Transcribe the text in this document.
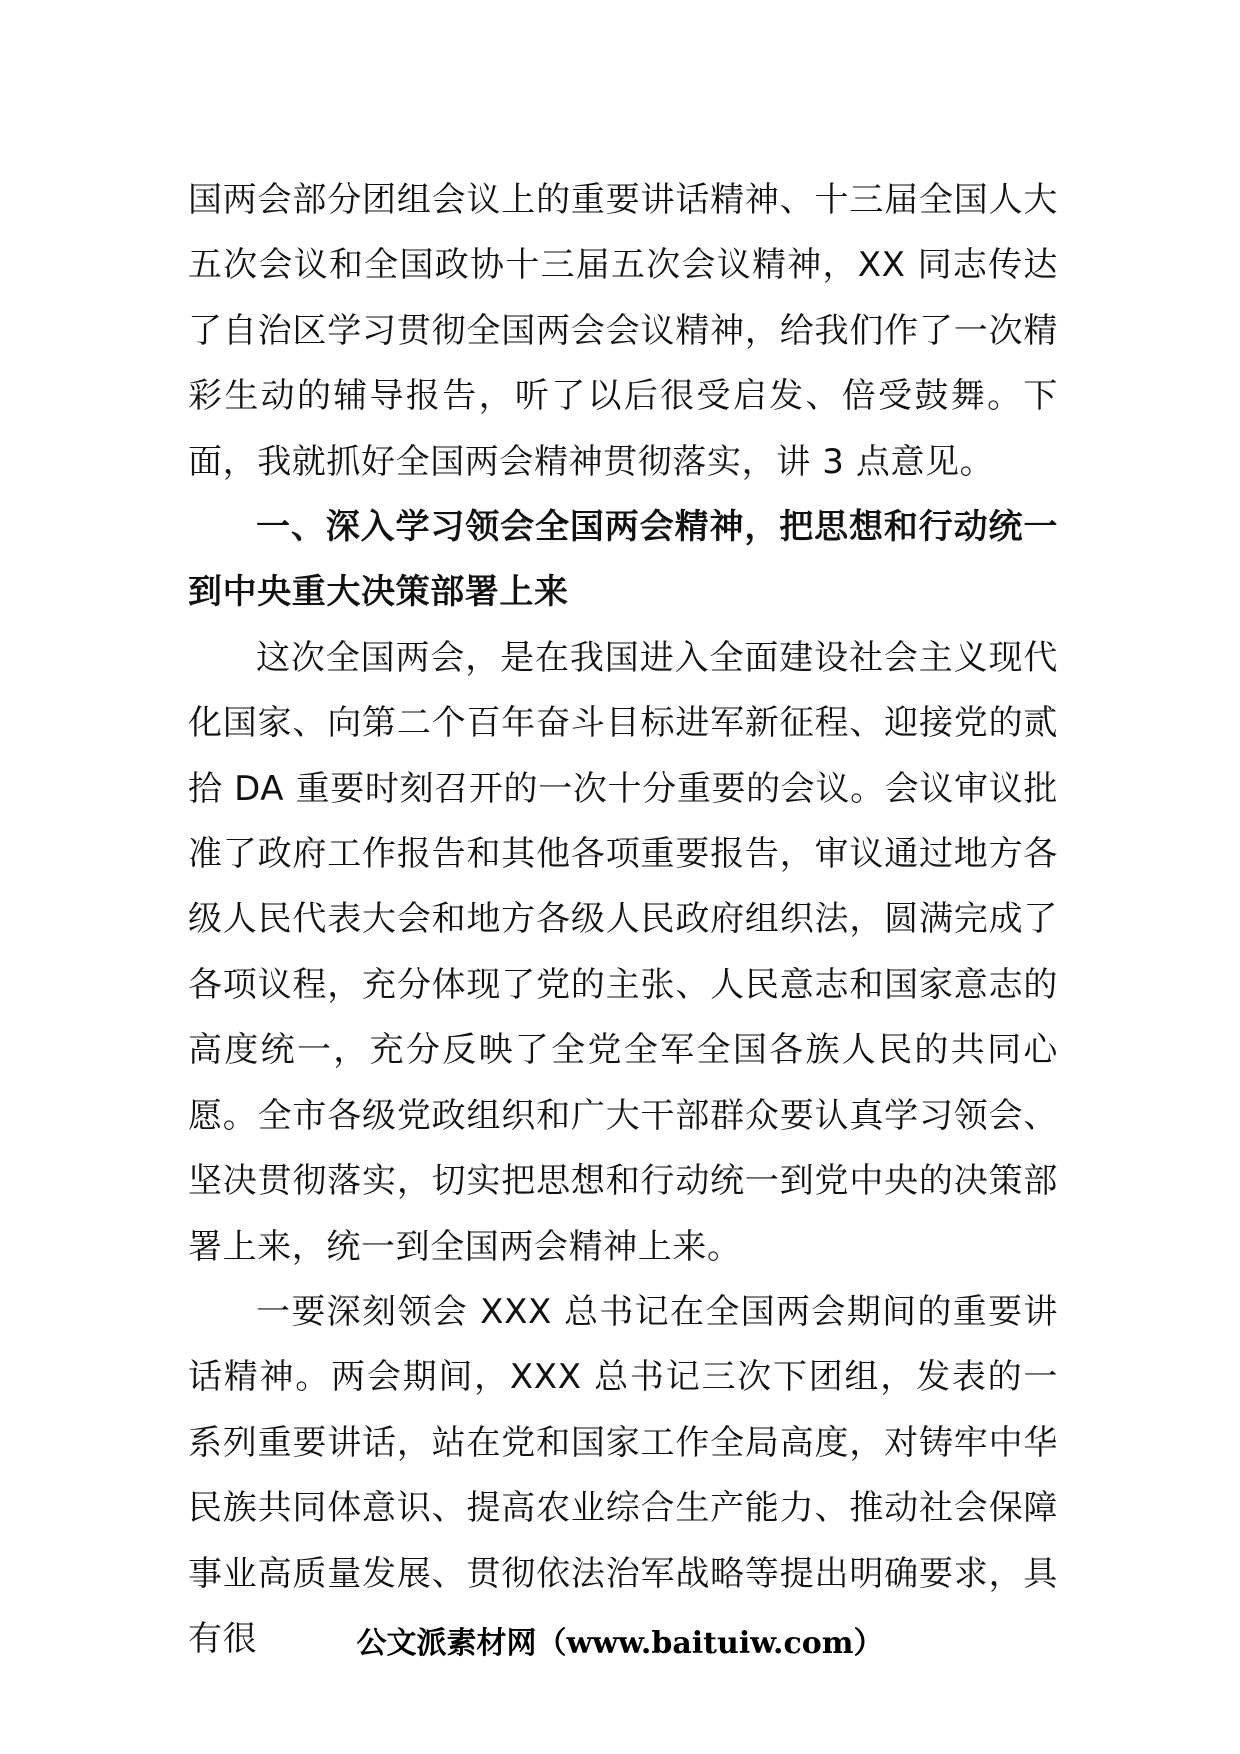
国两会部分团组会议上的重要讲话精神、十三届全国人大五次会议和全国政协十三届五次会议精神，XX 同志传达了自治区学习贯彻全国两会会议精神，给我们作了一次精彩生动的辅导报告，听了以后很受启发、倍受鼓舞。下面，我就抓好全国两会精神贯彻落实，讲 3 点意见。

一、深入学习领会全国两会精神，把思想和行动统一到中央重大决策部署上来

这次全国两会，是在我国进入全面建设社会主义现代化国家、向第二个百年奋斗目标进军新征程、迎接党的贰拾 DA 重要时刻召开的一次十分重要的会议。会议审议批准了政府工作报告和其他各项重要报告，审议通过地方各级人民代表大会和地方各级人民政府组织法，圆满完成了各项议程，充分体现了党的主张、人民意志和国家意志的高度统一，充分反映了全党全军全国各族人民的共同心愿。全市各级党政组织和广大干部群众要认真学习领会、坚决贯彻落实，切实把思想和行动统一到党中央的决策部署上来，统一到全国两会精神上来。

一要深刻领会 XXX 总书记在全国两会期间的重要讲话精神。两会期间，XXX 总书记三次下团组，发表的一系列重要讲话，站在党和国家工作全局高度，对铸牢中华民族共同体意识、提高农业综合生产能力、推动社会保障事业高质量发展、贯彻依法治军战略等提出明确要求，具有很	公文派素材网（www.baituiw.com）
